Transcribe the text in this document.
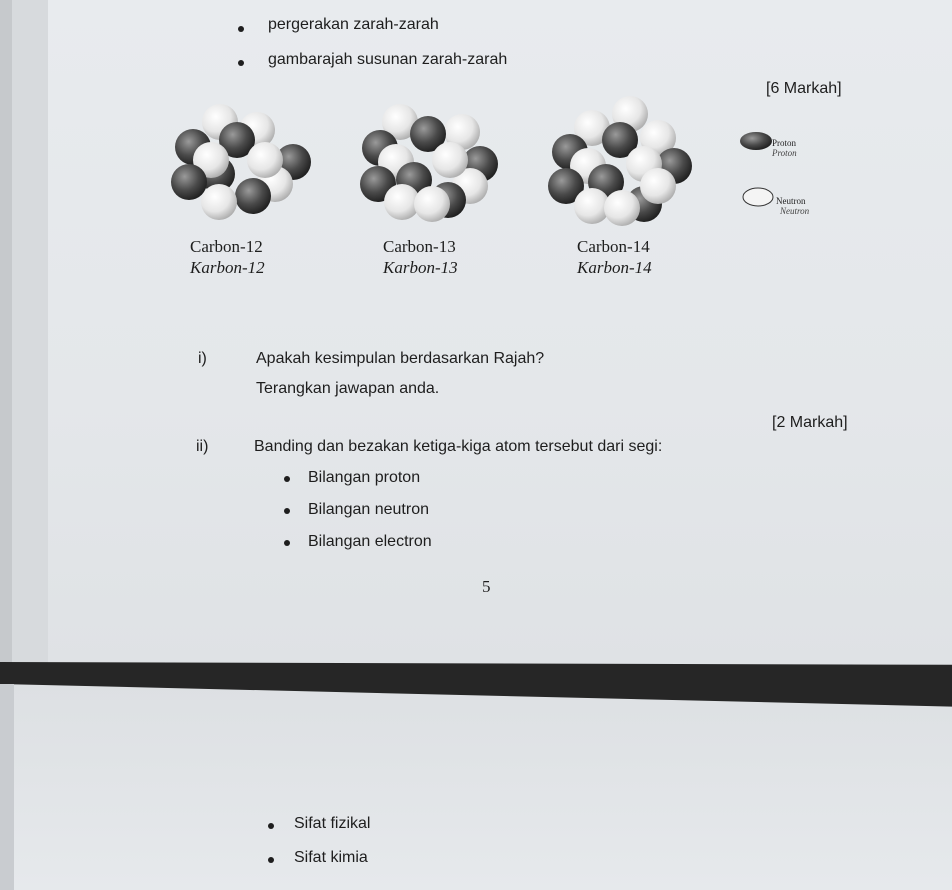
pergerakan zarah-zarah
gambarajah susunan zarah-zarah
[6 Markah]
Proton
Proton
Neutron
Neutron
Carbon-12
Karbon-12
Carbon-13
Karbon-13
Carbon-14
Karbon-14
i)	Apakah kesimpulan berdasarkan Rajah?
Terangkan jawapan anda.
[2 Markah]
ii)	Banding dan bezakan ketiga-kiga atom tersebut dari segi:
Bilangan proton
Bilangan neutron
Bilangan electron
5
Sifat fizikal
Sifat kimia
